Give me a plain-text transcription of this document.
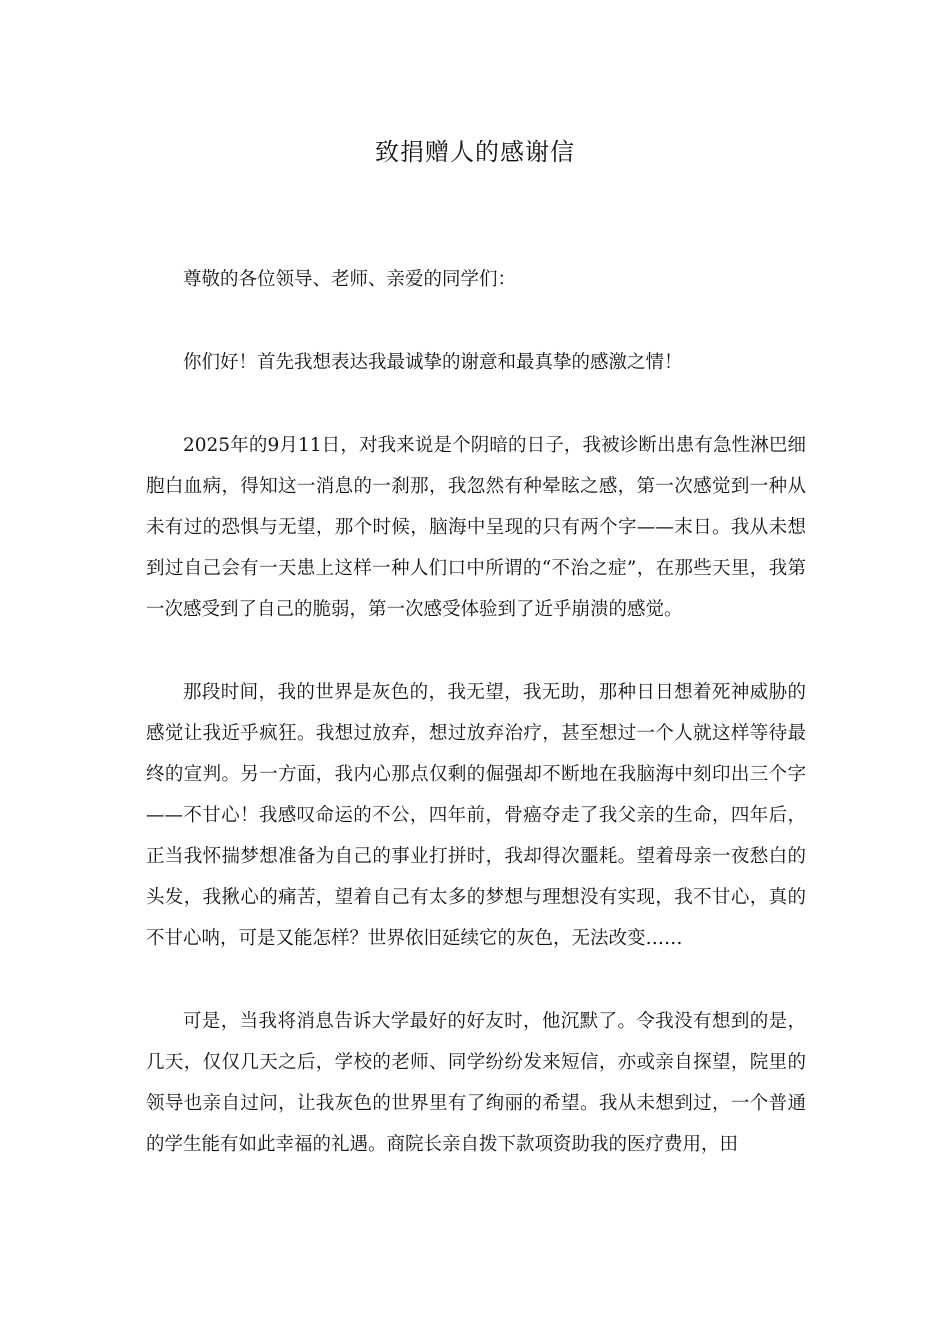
致捐赠人的感谢信

尊敬的各位领导、老师、亲爱的同学们：

你们好！首先我想表达我最诚挚的谢意和最真挚的感激之情！

2025年的9月11日，对我来说是个阴暗的日子，我被诊断出患有急性淋巴细胞白血病，得知这一消息的一刹那，我忽然有种晕眩之感，第一次感觉到一种从未有过的恐惧与无望，那个时候，脑海中呈现的只有两个字——末日。我从未想到过自己会有一天患上这样一种人们口中所谓的“不治之症”，在那些天里，我第一次感受到了自己的脆弱，第一次感受体验到了近乎崩溃的感觉。

那段时间，我的世界是灰色的，我无望，我无助，那种日日想着死神威胁的感觉让我近乎疯狂。我想过放弃，想过放弃治疗，甚至想过一个人就这样等待最终的宣判。另一方面，我内心那点仅剩的倔强却不断地在我脑海中刻印出三个字——不甘心！我感叹命运的不公，四年前，骨癌夺走了我父亲的生命，四年后，正当我怀揣梦想准备为自己的事业打拼时，我却得次噩耗。望着母亲一夜愁白的头发，我揪心的痛苦，望着自己有太多的梦想与理想没有实现，我不甘心，真的不甘心呐，可是又能怎样？世界依旧延续它的灰色，无法改变……

可是，当我将消息告诉大学最好的好友时，他沉默了。令我没有想到的是，几天，仅仅几天之后，学校的老师、同学纷纷发来短信，亦或亲自探望，院里的领导也亲自过问，让我灰色的世界里有了绚丽的希望。我从未想到过，一个普通的学生能有如此幸福的礼遇。商院长亲自拨下款项资助我的医疗费用，田
